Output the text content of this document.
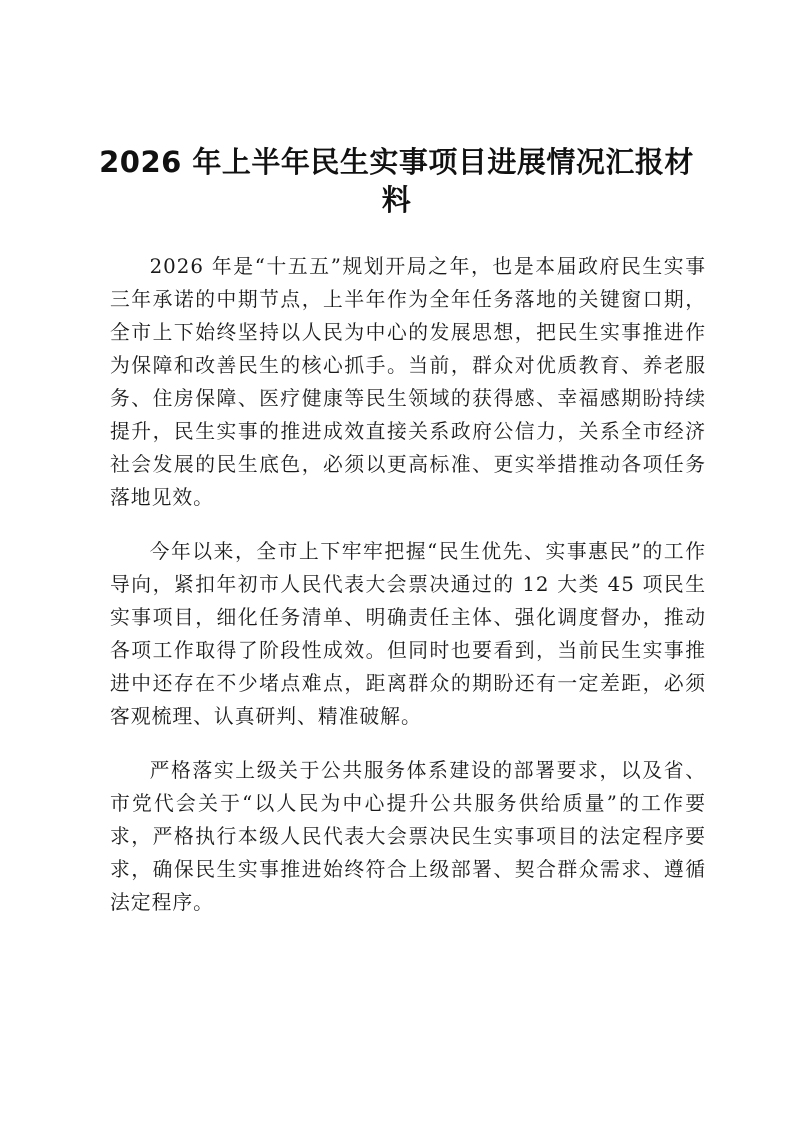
2026 年上半年民生实事项目进展情况汇报材料

2026 年是“十五五”规划开局之年，也是本届政府民生实事三年承诺的中期节点，上半年作为全年任务落地的关键窗口期，全市上下始终坚持以人民为中心的发展思想，把民生实事推进作为保障和改善民生的核心抓手。当前，群众对优质教育、养老服务、住房保障、医疗健康等民生领域的获得感、幸福感期盼持续提升，民生实事的推进成效直接关系政府公信力，关系全市经济社会发展的民生底色，必须以更高标准、更实举措推动各项任务落地见效。

今年以来，全市上下牢牢把握“民生优先、实事惠民”的工作导向，紧扣年初市人民代表大会票决通过的 12 大类 45 项民生实事项目，细化任务清单、明确责任主体、强化调度督办，推动各项工作取得了阶段性成效。但同时也要看到，当前民生实事推进中还存在不少堵点难点，距离群众的期盼还有一定差距，必须客观梳理、认真研判、精准破解。

严格落实上级关于公共服务体系建设的部署要求，以及省、市党代会关于“以人民为中心提升公共服务供给质量”的工作要求，严格执行本级人民代表大会票决民生实事项目的法定程序要求，确保民生实事推进始终符合上级部署、契合群众需求、遵循法定程序。
